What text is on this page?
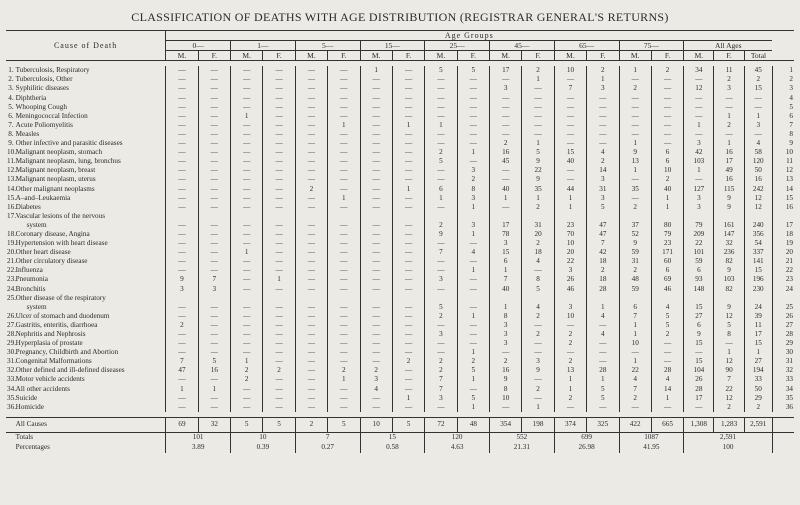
CLASSIFICATION OF DEATHS WITH AGE DISTRIBUTION (REGISTRAR GENERAL'S RETURNS)
Cause of Death		Age Groups																			
		0—		1—		5—		15—		25—		45—		65—		75—		All Ages			
		M.	F.	M.	F.	M.	F.	M.	F.	M.	F.	M.	F.	M.	F.	M.	F.	M.	F.	Total	

1.	Tuberculosis, Respiratory	—	—	—	—	—	—	1	—	5	5	17	2	10	2	1	2	34	11	45	1
2.	Tuberculosis, Other	—	—	—	—	—	—	—	—	—	—	—	1	—	1	—	—	—	2	2	2
3.	Syphilitic diseases	—	—	—	—	—	—	—	—	—	—	3	—	7	3	2	—	12	3	15	3
4.	Diphtheria	—	—	—	—	—	—	—	—	—	—	—	—	—	—	—	—	—	—	—	4
5.	Whooping Cough	—	—	—	—	—	—	—	—	—	—	—	—	—	—	—	—	—	—	—	5
6.	Meningococcal Infection	—	—	1	—	—	—	—	—	—	—	—	—	—	—	—	—	—	1	1	6
7.	Acute Poliomyelitis	—	—	—	—	—	1	—	1	1	—	—	—	—	—	—	—	1	2	3	7
8.	Measles	—	—	—	—	—	—	—	—	—	—	—	—	—	—	—	—	—	—	—	8
9.	Other infective and parasitic diseases	—	—	—	—	—	—	—	—	—	—	2	1	—	—	1	—	3	1	4	9
10.	Malignant neoplasm, stomach	—	—	—	—	—	—	—	—	2	1	16	5	15	4	9	6	42	16	58	10
11.	Malignant neoplasm, lung, bronchus	—	—	—	—	—	—	—	—	5	—	45	9	40	2	13	6	103	17	120	11
12.	Malignant neoplasm, breast	—	—	—	—	—	—	—	—	—	3	—	22	—	14	1	10	1	49	50	12
13.	Malignant neoplasm, uterus	—	—	—	—	—	—	—	—	—	2	—	9	—	3	—	2	—	16	16	13
14.	Other malignant neoplasms	—	—	—	—	2	—	—	1	6	8	40	35	44	31	35	40	127	115	242	14
15.	A–and–Leukaemia	—	—	—	—	—	1	—	—	1	3	1	1	1	3	—	1	3	9	12	15
16.	Diabetes	—	—	—	—	—	—	—	—	—	1	—	2	1	5	2	1	3	9	12	16
17.	Vascular lesions of the nervous																				
	system	—	—	—	—	—	—	—	—	2	3	17	31	23	47	37	80	79	161	240	17
18.	Coronary disease, Angina	—	—	—	—	—	—	—	—	9	1	78	20	70	47	52	79	209	147	356	18
19.	Hypertension with heart disease	—	—	—	—	—	—	—	—	—	—	3	2	10	7	9	23	22	32	54	19
20.	Other heart disease	—	—	1	—	—	—	—	—	7	4	15	18	20	42	59	171	101	236	337	20
21.	Other circulatory disease	—	—	—	—	—	—	—	—	—	—	6	4	22	18	31	60	59	82	141	21
22.	Influenza	—	—	—	—	—	—	—	—	—	1	1	—	3	2	2	6	6	9	15	22
23.	Pneumonia	9	7	—	1	—	—	—	—	3	—	7	8	26	18	48	69	93	103	196	23
24.	Bronchitis	3	3	—	—	—	—	—	—	—	—	40	5	46	28	59	46	148	82	230	24
25.	Other disease of the respiratory																				
	system	—	—	—	—	—	—	—	—	5	—	1	4	3	1	6	4	15	9	24	25
26.	Ulcer of stomach and duodenum	—	—	—	—	—	—	—	—	2	1	8	2	10	4	7	5	27	12	39	26
27.	Gastritis, enteritis, diarrhoea	2	—	—	—	—	—	—	—	—	—	3	—	—	—	1	5	6	5	11	27
28.	Nephritis and Nephrosis	—	—	—	—	—	—	—	—	3	—	3	2	2	4	1	2	9	8	17	28
29.	Hyperplasia of prostate	—	—	—	—	—	—	—	—	—	—	3	—	2	—	10	—	15	—	15	29
30.	Pregnancy, Childbirth and Abortion	—	—	—	—	—	—	—	—	—	1	—	—	—	—	—	—	—	1	1	30
31.	Congenital Malformations	7	5	1	—	—	—	—	2	2	2	2	3	2	—	1	—	15	12	27	31
32.	Other defined and ill-defined diseases	47	16	2	2	—	2	2	—	2	5	16	9	13	28	22	28	104	90	194	32
33.	Motor vehicle accidents	—	—	2	—	—	1	3	—	7	1	9	—	1	1	4	4	26	7	33	33
34.	All other accidents	1	1	—	—	—	—	4	—	7	—	8	2	1	5	7	14	28	22	50	34
35.	Suicide	—	—	—	—	—	—	—	1	3	5	10	—	2	5	2	1	17	12	29	35
36.	Homicide	—	—	—	—	—	—	—	—	—	1	—	1	—	—	—	—	—	2	2	36

	All Causes	69	32	5	5	2	5	10	5	72	48	354	198	374	325	422	665	1,308	1,283	2,591	
	Totals	101		10		7		15		120		552		699		1087		2,591			
	Percentages	3.89		0.39		0.27		0.58		4.63		21.31		26.98		41.95		100			
